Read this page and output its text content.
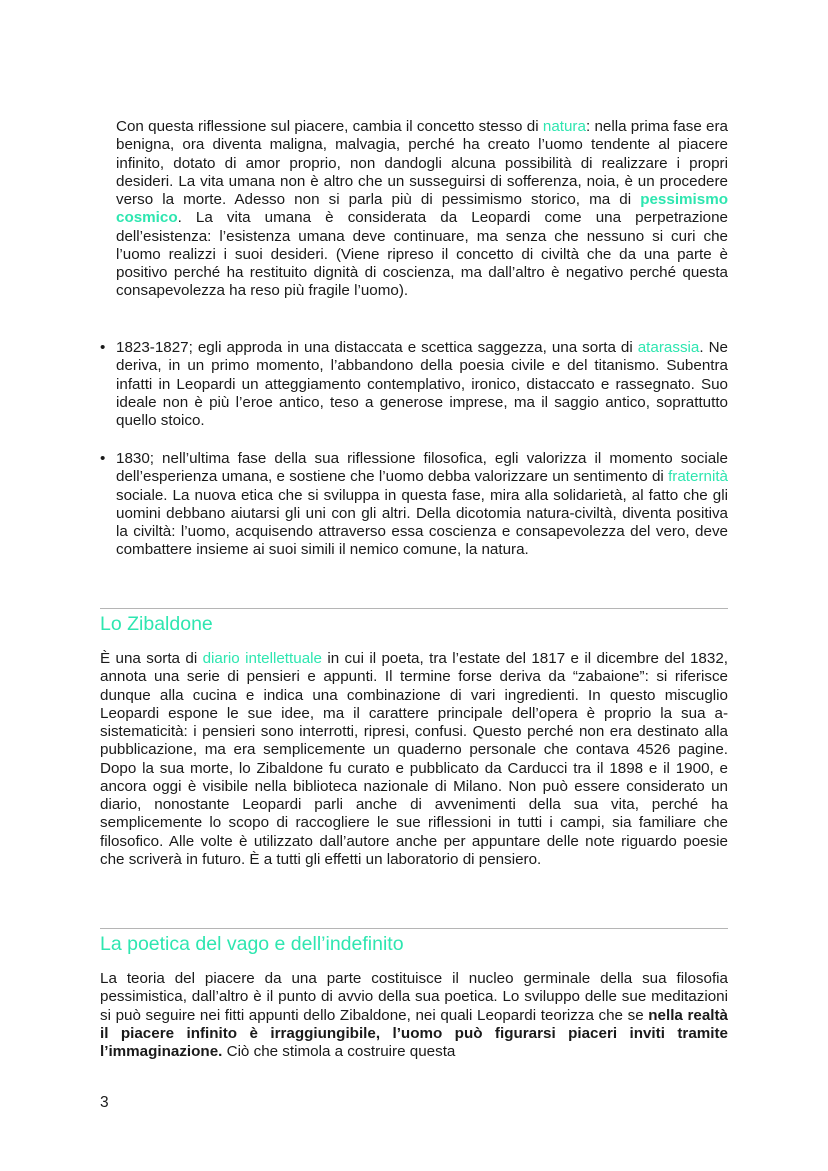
Con questa riflessione sul piacere, cambia il concetto stesso di natura: nella prima fase era benigna, ora diventa maligna, malvagia, perché ha creato l’uomo tendente al piacere infinito, dotato di amor proprio, non dandogli alcuna possibilità di realizzare i propri desideri. La vita umana non è altro che un susseguirsi di sofferenza, noia, è un procedere verso la morte. Adesso non si parla più di pessimismo storico, ma di pessimismo cosmico. La vita umana è considerata da Leopardi come una perpetrazione dell’esistenza: l’esistenza umana deve continuare, ma senza che nessuno si curi che l’uomo realizzi i suoi desideri. (Viene ripreso il concetto di civiltà che da una parte è positivo perché ha restituito dignità di coscienza, ma dall’altro è negativo perché questa consapevolezza ha reso più fragile l’uomo).
• 1823-1827; egli approda in una distaccata e scettica saggezza, una sorta di atarassia. Ne deriva, in un primo momento, l’abbandono della poesia civile e del titanismo. Subentra infatti in Leopardi un atteggiamento contemplativo, ironico, distaccato e rassegnato. Suo ideale non è più l’eroe antico, teso a generose imprese, ma il saggio antico, soprattutto quello stoico.
• 1830; nell’ultima fase della sua riflessione filosofica, egli valorizza il momento sociale dell’esperienza umana, e sostiene che l’uomo debba valorizzare un sentimento di fraternità sociale. La nuova etica che si sviluppa in questa fase, mira alla solidarietà, al fatto che gli uomini debbano aiutarsi gli uni con gli altri. Della dicotomia natura-civiltà, diventa positiva la civiltà: l’uomo, acquisendo attraverso essa coscienza e consapevolezza del vero, deve combattere insieme ai suoi simili il nemico comune, la natura.
Lo Zibaldone
È una sorta di diario intellettuale in cui il poeta, tra l’estate del 1817 e il dicembre del 1832, annota una serie di pensieri e appunti. Il termine forse deriva da “zabaione”: si riferisce dunque alla cucina e indica una combinazione di vari ingredienti. In questo miscuglio Leopardi espone le sue idee, ma il carattere principale dell’opera è proprio la sua a-sistematicità: i pensieri sono interrotti, ripresi, confusi. Questo perché non era destinato alla pubblicazione, ma era semplicemente un quaderno personale che contava 4526 pagine. Dopo la sua morte, lo Zibaldone fu curato e pubblicato da Carducci tra il 1898 e il 1900, e ancora oggi è visibile nella biblioteca nazionale di Milano. Non può essere considerato un diario, nonostante Leopardi parli anche di avvenimenti della sua vita, perché ha semplicemente lo scopo di raccogliere le sue riflessioni in tutti i campi, sia familiare che filosofico. Alle volte è utilizzato dall’autore anche per appuntare delle note riguardo poesie che scriverà in futuro. È a tutti gli effetti un laboratorio di pensiero.
La poetica del vago e dell’indefinito
La teoria del piacere da una parte costituisce il nucleo germinale della sua filosofia pessimistica, dall’altro è il punto di avvio della sua poetica. Lo sviluppo delle sue meditazioni si può seguire nei fitti appunti dello Zibaldone, nei quali Leopardi teorizza che se nella realtà il piacere infinito è irraggiungibile, l’uomo può figurarsi piaceri inviti tramite l’immaginazione. Ciò che stimola a costruire questa
3
